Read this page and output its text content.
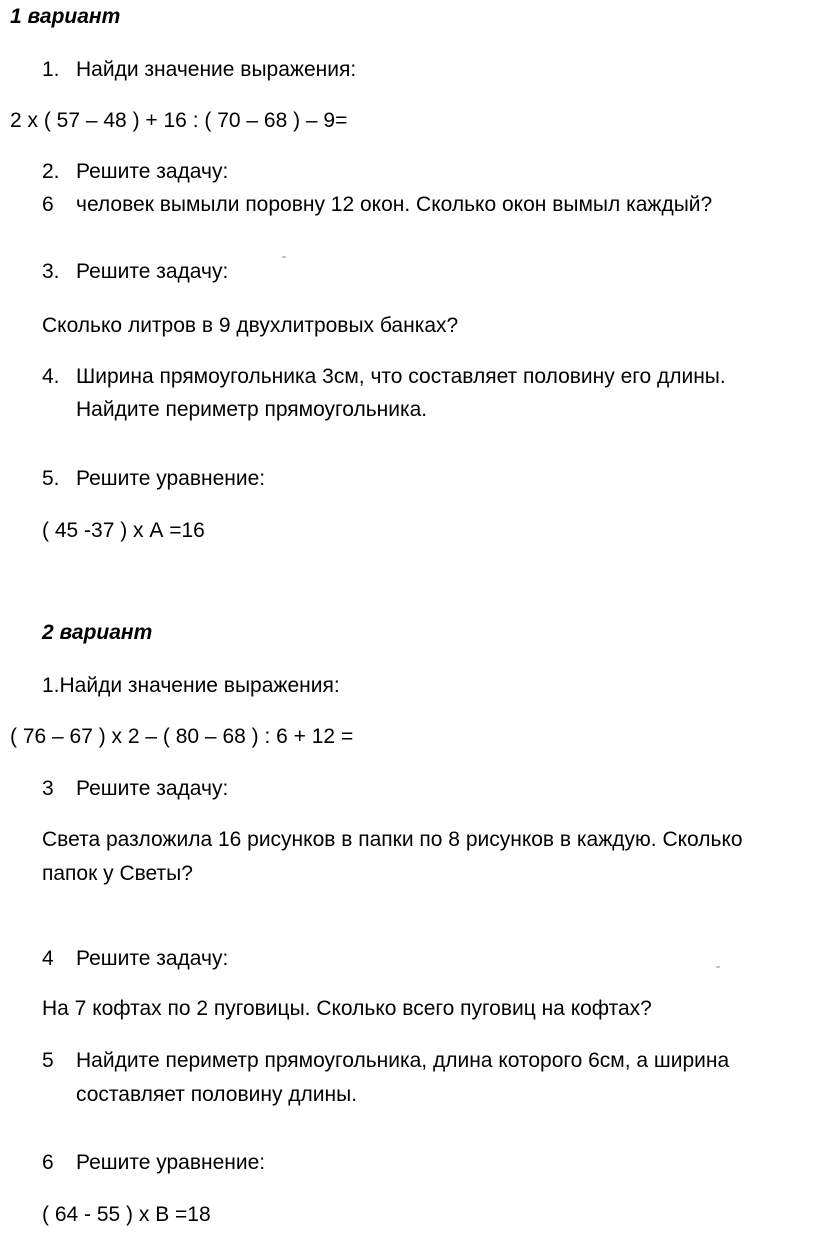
1 вариант
1. Найди значение выражения:
2 х ( 57 – 48 ) + 16 : ( 70 – 68 ) – 9=
2. Решите задачу:
6 человек вымыли поровну 12 окон. Сколько окон вымыл каждый?
3. Решите задачу:
Сколько литров в 9 двухлитровых банках?
4. Ширина прямоугольника 3см, что составляет половину его длины.
Найдите периметр прямоугольника.
5. Решите уравнение:
( 45 -37 ) х А =16
2 вариант
1.Найди значение выражения:
( 76 – 67 ) х 2 – ( 80 – 68 ) : 6 + 12 =
3 Решите задачу:
Света разложила 16 рисунков в папки по 8 рисунков в каждую. Сколько
папок у Светы?
4 Решите задачу:
На 7 кофтах по 2 пуговицы. Сколько всего пуговиц на кофтах?
5 Найдите периметр прямоугольника, длина которого 6см, а ширина
составляет половину длины.
6 Решите уравнение:
( 64 - 55 ) х В =18
